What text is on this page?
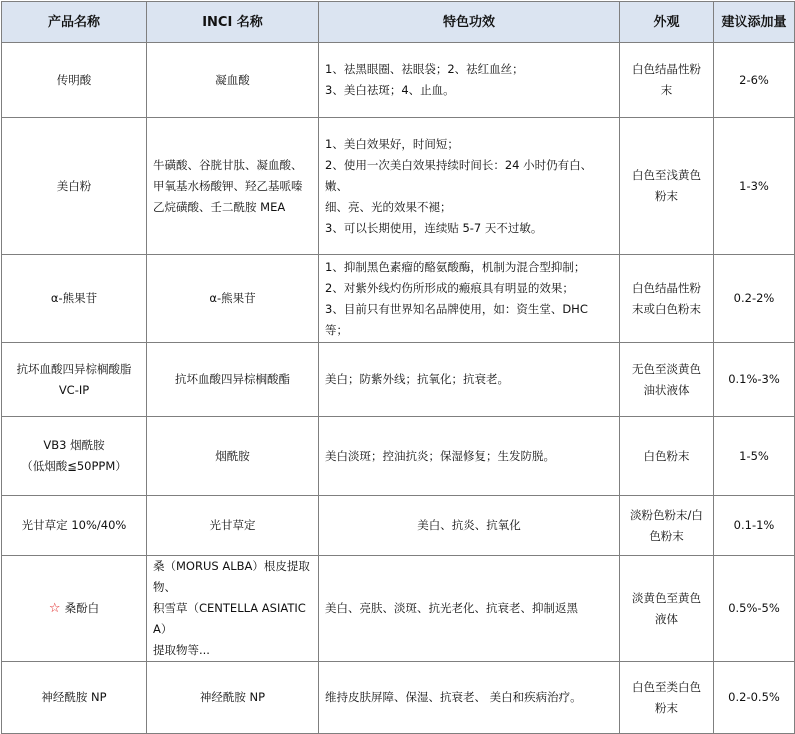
产品名称	INCI 名称	特色功效	外观	建议添加量

传明酸	凝血酸	1、祛黑眼圈、祛眼袋；2、祛红血丝；
3、美白祛斑；4、止血。	白色结晶性粉
末	2-6%

美白粉	牛磺酸、谷胱甘肽、凝血酸、
甲氧基水杨酸钾、羟乙基哌嗪
乙烷磺酸、壬二酰胺 MEA	1、美白效果好，时间短；
2、使用一次美白效果持续时间长：24 小时仍有白、嫩、
细、亮、光的效果不褪；
3、可以长期使用，连续贴 5-7 天不过敏。	白色至浅黄色
粉末	1-3%

α-熊果苷	α-熊果苷	1、抑制黑色素瘤的酪氨酸酶，机制为混合型抑制；
2、对紫外线灼伤所形成的瘢痕具有明显的效果；
3、目前只有世界知名品牌使用，如：资生堂、DHC 等；	白色结晶性粉
末或白色粉末	0.2-2%

抗坏血酸四异棕榈酸脂
VC-IP	抗坏血酸四异棕榈酸酯	美白；防紫外线；抗氧化；抗衰老。	无色至淡黄色
油状液体	0.1%-3%

VB3 烟酰胺
（低烟酸≦50PPM）	烟酰胺	美白淡斑；控油抗炎；保湿修复；生发防脱。	白色粉末	1-5%

光甘草定 10%/40%	光甘草定	美白、抗炎、抗氧化	淡粉色粉末/白
色粉末	0.1-1%
☆ 桑酚白	桑（MORUS ALBA）根皮提取物、
积雪草（CENTELLA ASIATICA）
提取物等...	美白、亮肤、淡斑、抗光老化、抗衰老、抑制返黑	淡黄色至黄色
液体	0.5%-5%

神经酰胺 NP	神经酰胺 NP	维持皮肤屏障、保湿、抗衰老、 美白和疾病治疗。	白色至类白色
粉末	0.2-0.5%
